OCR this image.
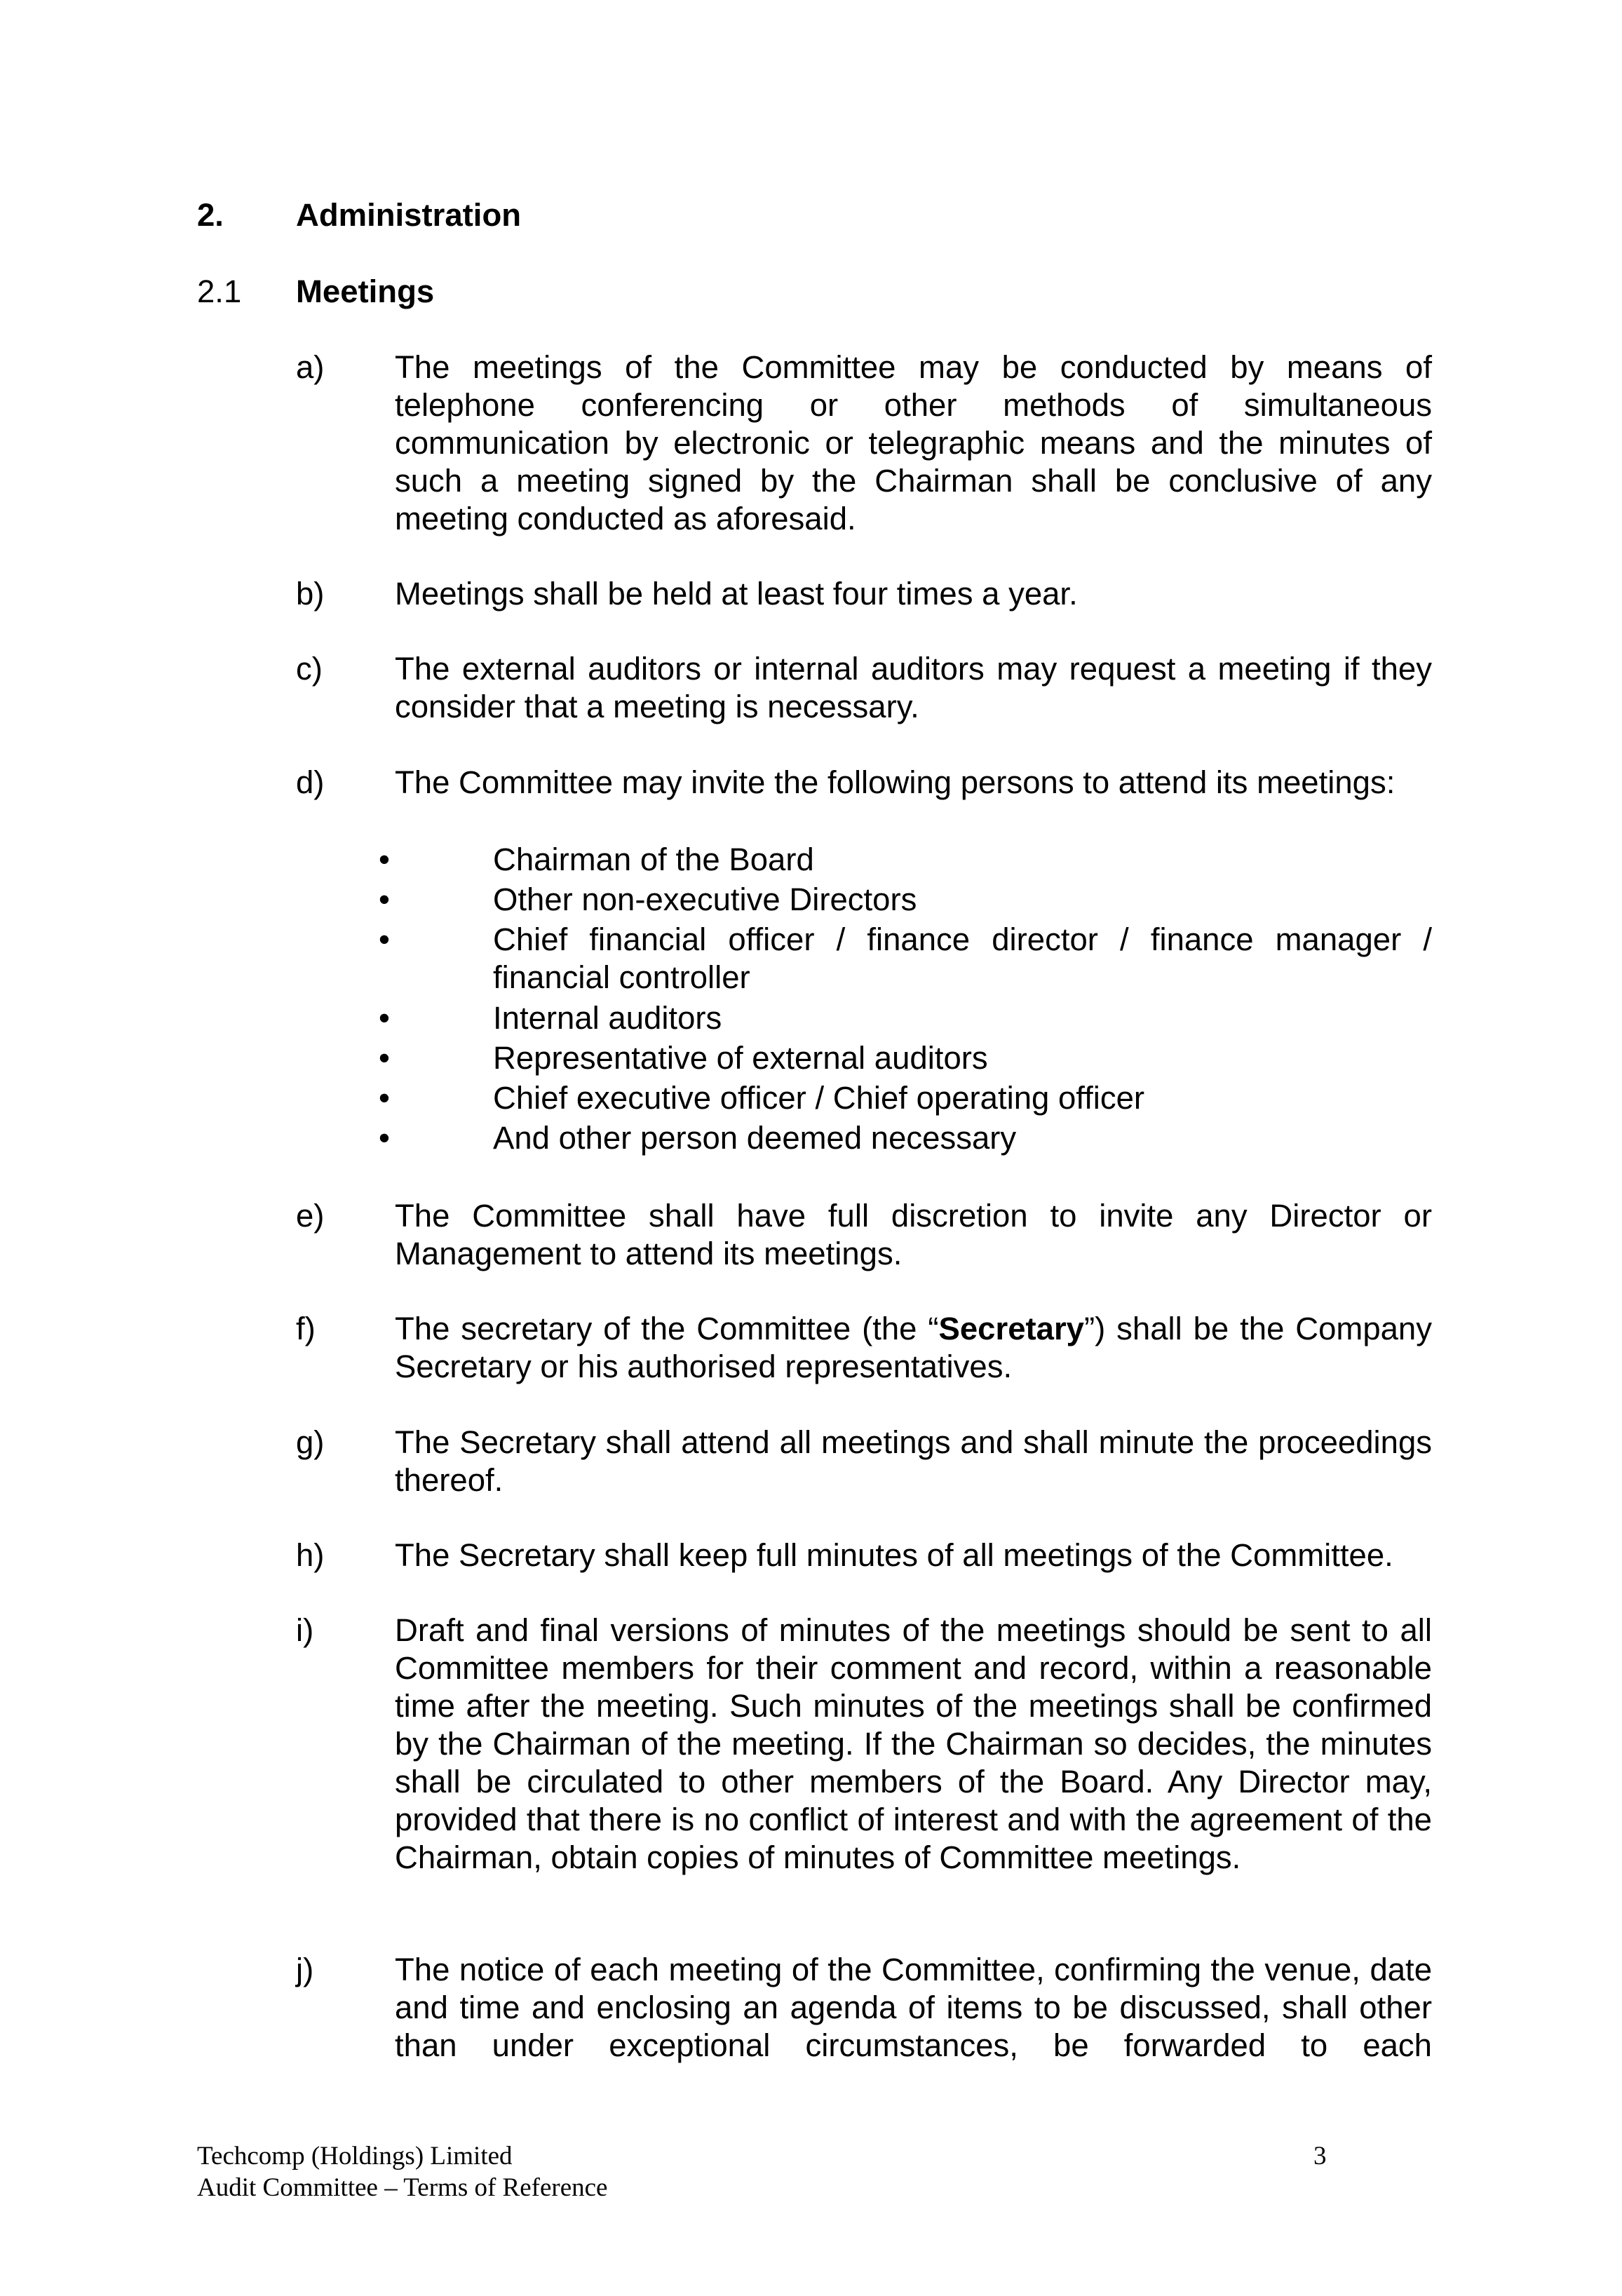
2. Administration
2.1 Meetings
a) The meetings of the Committee may be conducted by means of telephone conferencing or other methods of simultaneous communication by electronic or telegraphic means and the minutes of such a meeting signed by the Chairman shall be conclusive of any meeting conducted as aforesaid.
b) Meetings shall be held at least four times a year.
c) The external auditors or internal auditors may request a meeting if they consider that a meeting is necessary.
d) The Committee may invite the following persons to attend its meetings:
•	Chairman of the Board
•	Other non-executive Directors
•	Chief financial officer / finance director / finance manager / financial controller
•	Internal auditors
•	Representative of external auditors
•	Chief executive officer / Chief operating officer
•	And other person deemed necessary
e) The Committee shall have full discretion to invite any Director or Management to attend its meetings.
f) The secretary of the Committee (the “Secretary”) shall be the Company Secretary or his authorised representatives.
g) The Secretary shall attend all meetings and shall minute the proceedings thereof.
h) The Secretary shall keep full minutes of all meetings of the Committee.
i)	Draft and final versions of minutes of the meetings should be sent to all Committee members for their comment and record, within a reasonable time after the meeting. Such minutes of the meetings shall be confirmed by the Chairman of the meeting. If the Chairman so decides, the minutes shall be circulated to other members of the Board. Any Director may, provided that there is no conflict of interest and with the agreement of the Chairman, obtain copies of minutes of Committee meetings.
j)	The notice of each meeting of the Committee, confirming the venue, date and time and enclosing an agenda of items to be discussed, shall other than under exceptional circumstances, be forwarded to each
Techcomp (Holdings) Limited
Audit Committee – Terms of Reference
3
